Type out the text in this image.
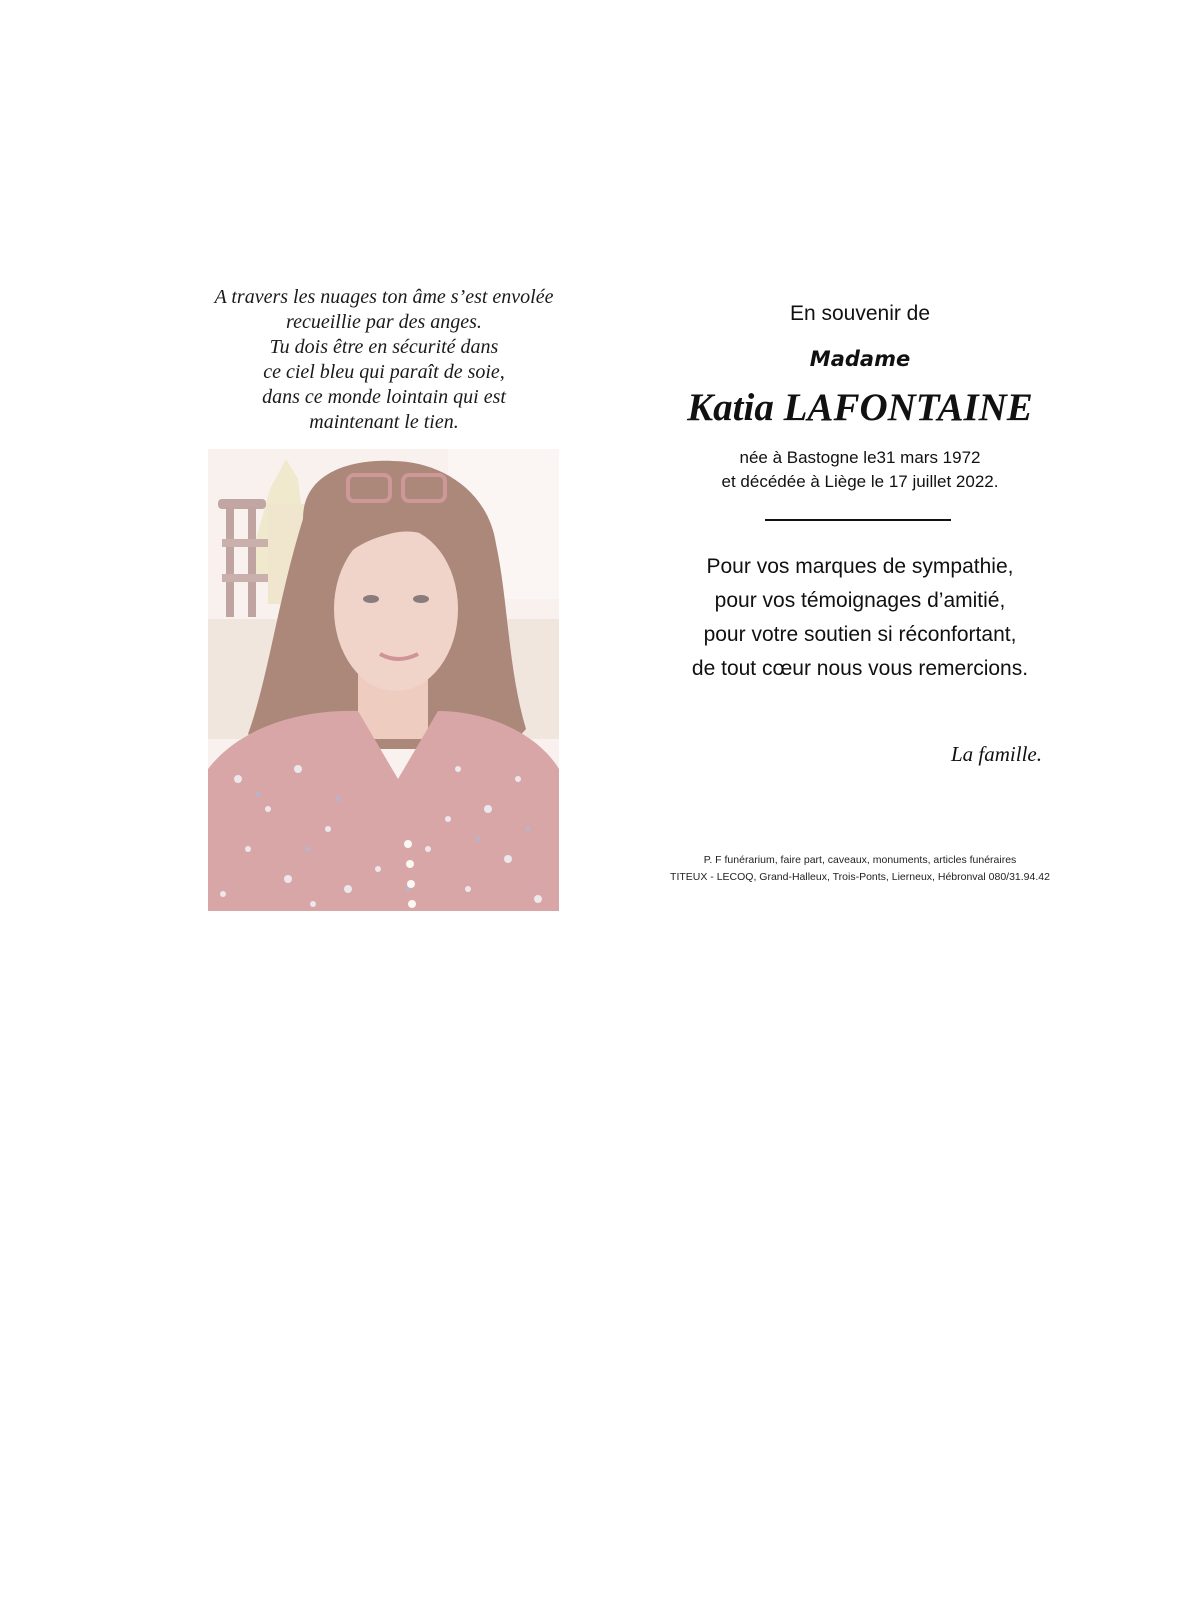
A travers les nuages ton âme s’est envolée
recueillie par des anges.
Tu dois être en sécurité dans
ce ciel bleu qui paraît de soie,
dans ce monde lointain qui est
maintenant le tien.
En souvenir de
Madame
Katia LAFONTAINE
née à Bastogne le31 mars 1972
et décédée à Liège le 17 juillet 2022.
Pour vos marques de sympathie,
pour vos témoignages d’amitié,
pour votre soutien si réconfortant,
de tout cœur nous vous remercions.
La famille.
P. F funérarium, faire part, caveaux, monuments, articles funéraires
TITEUX - LECOQ, Grand-Halleux, Trois-Ponts, Lierneux, Hébronval 080/31.94.42
